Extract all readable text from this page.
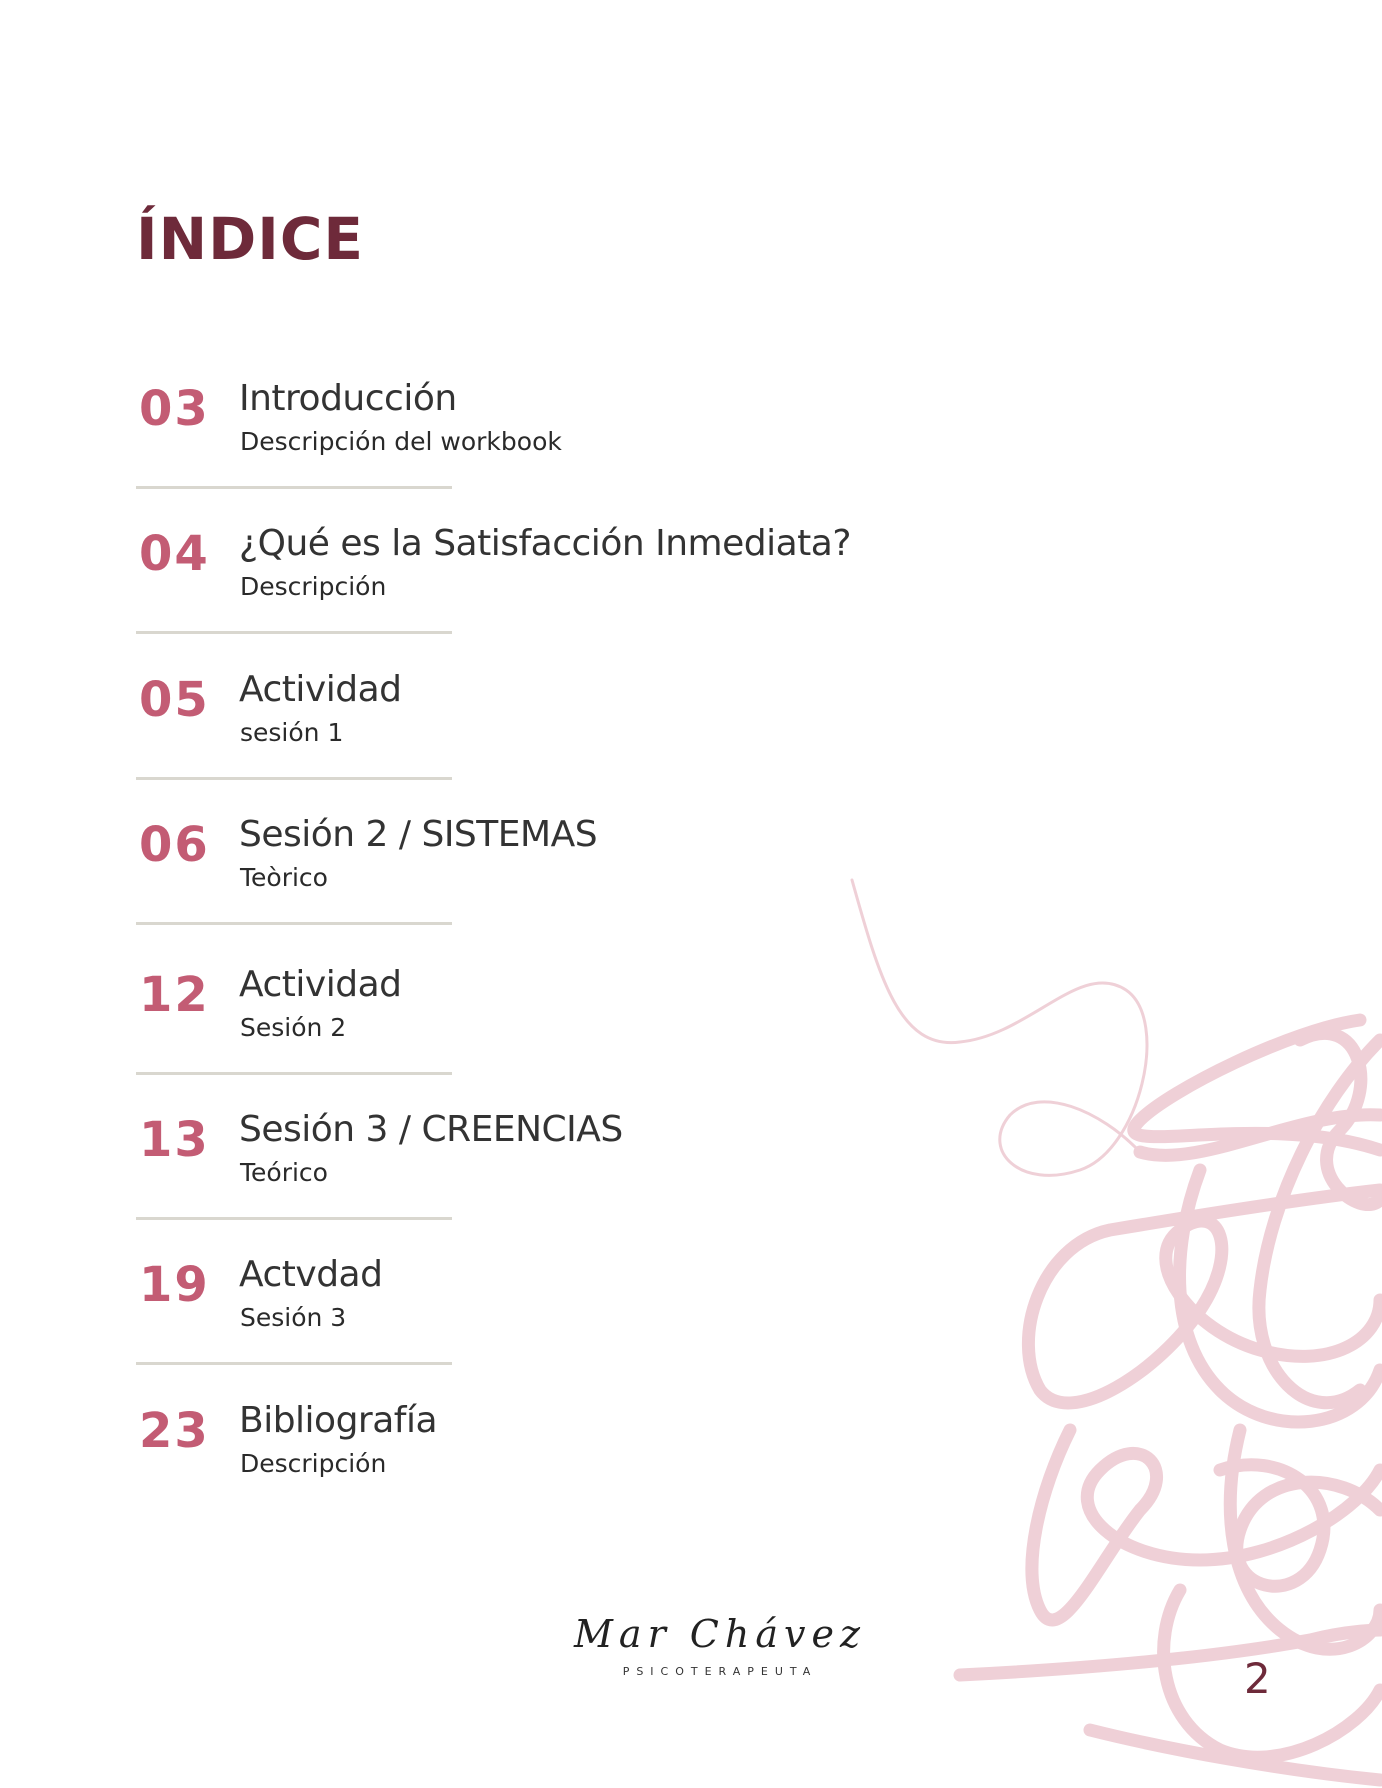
ÍNDICE
03 Introducción
Descripción del workbook
04 ¿Qué es la Satisfacción Inmediata?
Descripción
05 Actividad
sesión 1
06 Sesión 2 / SISTEMAS
Teòrico
12 Actividad
Sesión 2
13 Sesión 3 / CREENCIAS
Teórico
19 Actvdad
Sesión 3
23 Bibliografía
Descripción
Mar Chávez
PSICOTERAPEUTA	2
